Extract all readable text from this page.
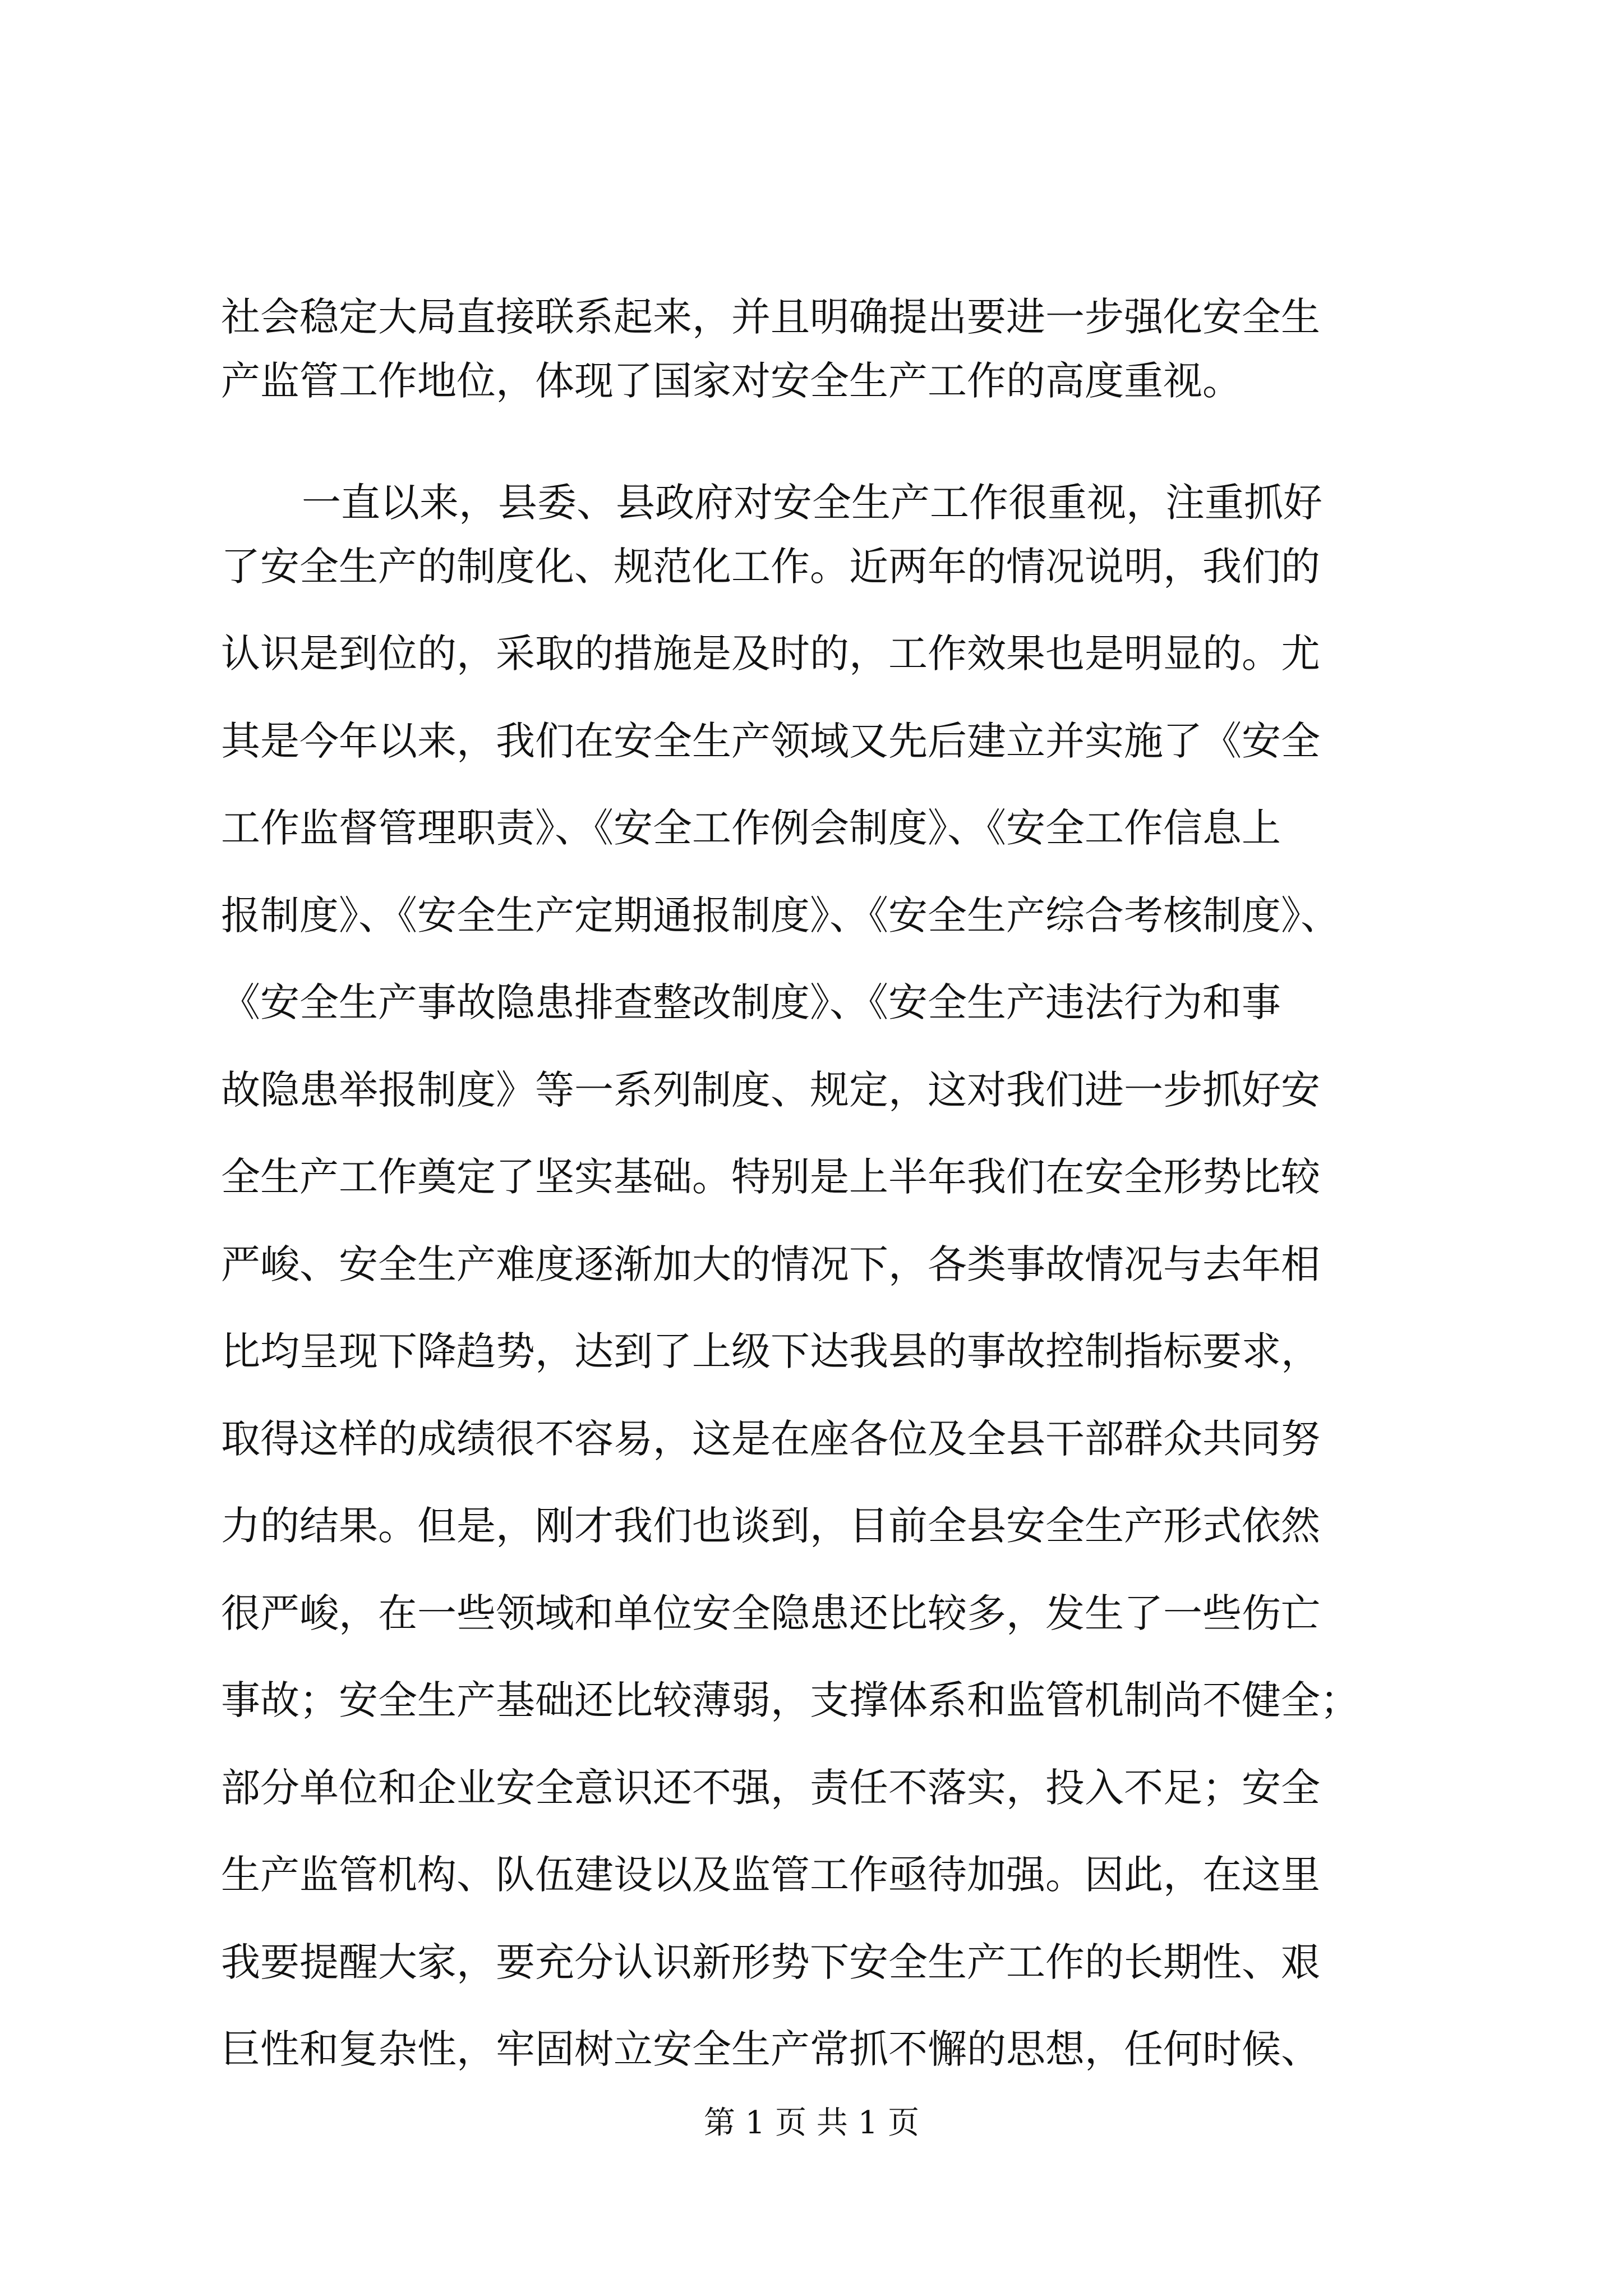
社会稳定大局直接联系起来，并且明确提出要进一步强化安全生
产监管工作地位，体现了国家对安全生产工作的高度重视。
一直以来，县委、县政府对安全生产工作很重视，注重抓好
了安全生产的制度化、规范化工作。近两年的情况说明，我们的
认识是到位的，采取的措施是及时的，工作效果也是明显的。尤
其是今年以来，我们在安全生产领域又先后建立并实施了《安全
工作监督管理职责》、《安全工作例会制度》、《安全工作信息上
报制度》、《安全生产定期通报制度》、《安全生产综合考核制度》、
《安全生产事故隐患排查整改制度》、《安全生产违法行为和事
故隐患举报制度》等一系列制度、规定，这对我们进一步抓好安
全生产工作奠定了坚实基础。特别是上半年我们在安全形势比较
严峻、安全生产难度逐渐加大的情况下，各类事故情况与去年相
比均呈现下降趋势，达到了上级下达我县的事故控制指标要求，
取得这样的成绩很不容易，这是在座各位及全县干部群众共同努
力的结果。但是，刚才我们也谈到，目前全县安全生产形式依然
很严峻，在一些领域和单位安全隐患还比较多，发生了一些伤亡
事故；安全生产基础还比较薄弱，支撑体系和监管机制尚不健全；
部分单位和企业安全意识还不强，责任不落实，投入不足；安全
生产监管机构、队伍建设以及监管工作亟待加强。因此，在这里
我要提醒大家，要充分认识新形势下安全生产工作的长期性、艰
巨性和复杂性，牢固树立安全生产常抓不懈的思想，任何时候、
第 1 页 共 1 页
